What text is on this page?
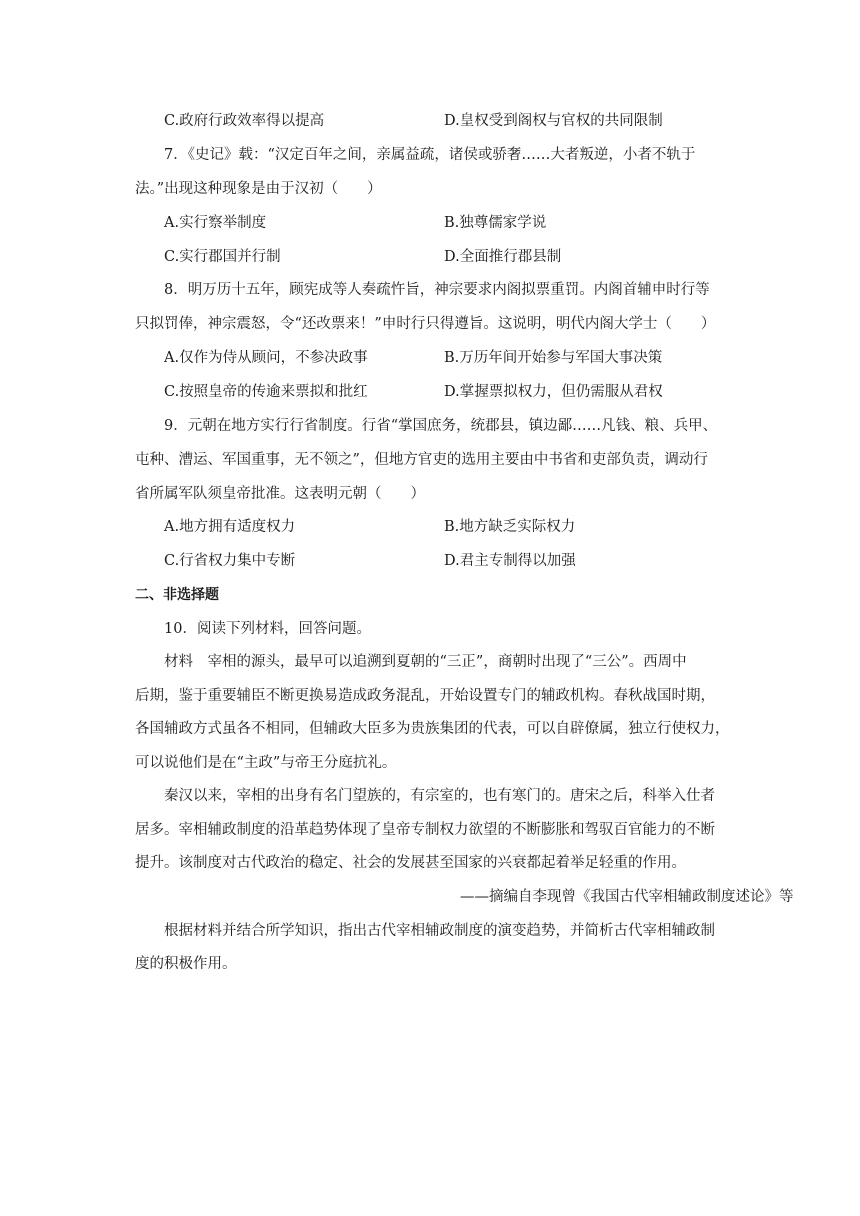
C.政府行政效率得以提高	D.皇权受到阁权与官权的共同限制
7．《史记》载：“汉定百年之间，亲属益疏，诸侯或骄奢……大者叛逆，小者不轨于
法。”出现这种现象是由于汉初（　　）
A.实行察举制度	B.独尊儒家学说
C.实行郡国并行制	D.全面推行郡县制
8．明万历十五年，顾宪成等人奏疏忤旨，神宗要求内阁拟票重罚。内阁首辅申时行等
只拟罚俸，神宗震怒，令“还改票来！”申时行只得遵旨。这说明，明代内阁大学士（　　）
A.仅作为侍从顾问，不参决政事	B.万历年间开始参与军国大事决策
C.按照皇帝的传逾来票拟和批红	D.掌握票拟权力，但仍需服从君权
9．元朝在地方实行行省制度。行省“掌国庶务，统郡县，镇边鄙……凡钱、粮、兵甲、
屯种、漕运、军国重事，无不领之”，但地方官吏的选用主要由中书省和吏部负责，调动行
省所属军队须皇帝批准。这表明元朝（　　）
A.地方拥有适度权力	B.地方缺乏实际权力
C.行省权力集中专断	D.君主专制得以加强
二、非选择题
10．阅读下列材料，回答问题。
材料　宰相的源头，最早可以追溯到夏朝的“三正”，商朝时出现了“三公”。西周中
后期，鉴于重要辅臣不断更换易造成政务混乱，开始设置专门的辅政机构。春秋战国时期，
各国辅政方式虽各不相同，但辅政大臣多为贵族集团的代表，可以自辟僚属，独立行使权力，
可以说他们是在“主政”与帝王分庭抗礼。
秦汉以来，宰相的出身有名门望族的，有宗室的，也有寒门的。唐宋之后，科举入仕者
居多。宰相辅政制度的沿革趋势体现了皇帝专制权力欲望的不断膨胀和驾驭百官能力的不断
提升。该制度对古代政治的稳定、社会的发展甚至国家的兴衰都起着举足轻重的作用。
——摘编自李现曾《我国古代宰相辅政制度述论》等
根据材料并结合所学知识，指出古代宰相辅政制度的演变趋势，并简析古代宰相辅政制
度的积极作用。
